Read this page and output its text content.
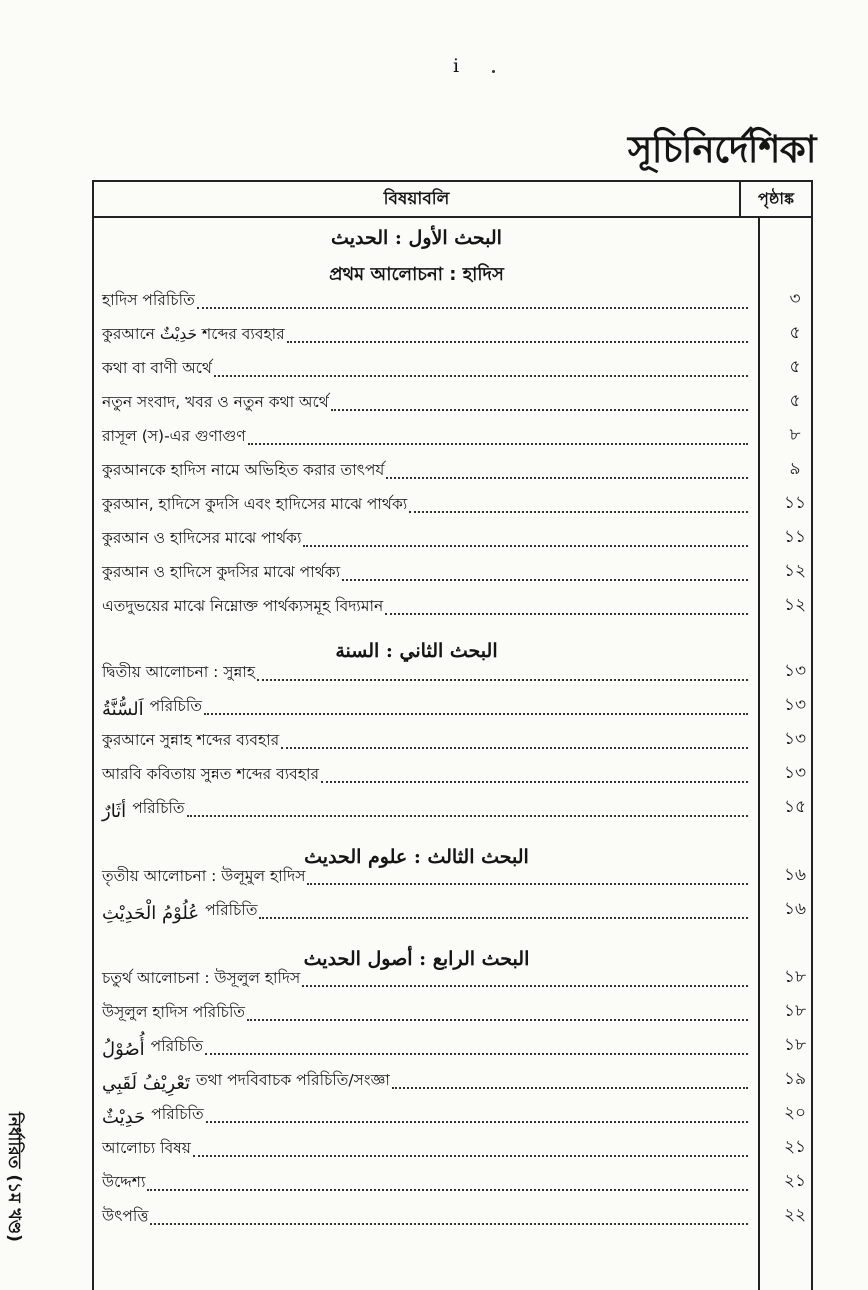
i
সূচিনির্দেশিকা
বিষয়াবলি	পৃষ্ঠাঙ্ক
البحث الأول : الحديث
প্রথম আলোচনা : হাদিস
البحث الثاني : السنة
البحث الثالث : علوم الحديث
البحث الرابع : أصول الحديث
হাদিস পরিচিতি	৩
কুরআনে حَدِيْثٌ শব্দের ব্যবহার	৫
কথা বা বাণী অর্থে	৫
নতুন সংবাদ, খবর ও নতুন কথা অর্থে	৫
রাসূল (স)-এর গুণাগুণ	৮
কুরআনকে হাদিস নামে অভিহিত করার তাৎপর্য	৯
কুরআন, হাদিসে কুদসি এবং হাদিসের মাঝে পার্থক্য	১১
কুরআন ও হাদিসের মাঝে পার্থক্য	১১
কুরআন ও হাদিসে কুদসির মাঝে পার্থক্য	১২
এতদুভয়ের মাঝে নিম্নোক্ত পার্থক্যসমূহ বিদ্যমান	১২
দ্বিতীয় আলোচনা : সুন্নাহ	১৩
اَلسُّنَّةُ পরিচিতি	১৩
কুরআনে সুন্নাহ শব্দের ব্যবহার	১৩
আরবি কবিতায় সুন্নত শব্দের ব্যবহার	১৩
أثَارٌ পরিচিতি	১৫
তৃতীয় আলোচনা : উলূমুল হাদিস	১৬
عُلُوْمُ الْحَدِيْثِ পরিচিতি	১৬
চতুর্থ আলোচনা : উসূলুল হাদিস	১৮
উসূলুল হাদিস পরিচিতি	১৮
أُصُوْلُ পরিচিতি	১৮
تَعْرِيْفُ لَقَبِي তথা পদবিবাচক পরিচিতি/সংজ্ঞা	১৯
حَدِيْثٌ পরিচিতি	২০
আলোচ্য বিষয়	২১
উদ্দেশ্য	২১
উৎপত্তি	২২
নির্ধারিত (১ম খণ্ড)
